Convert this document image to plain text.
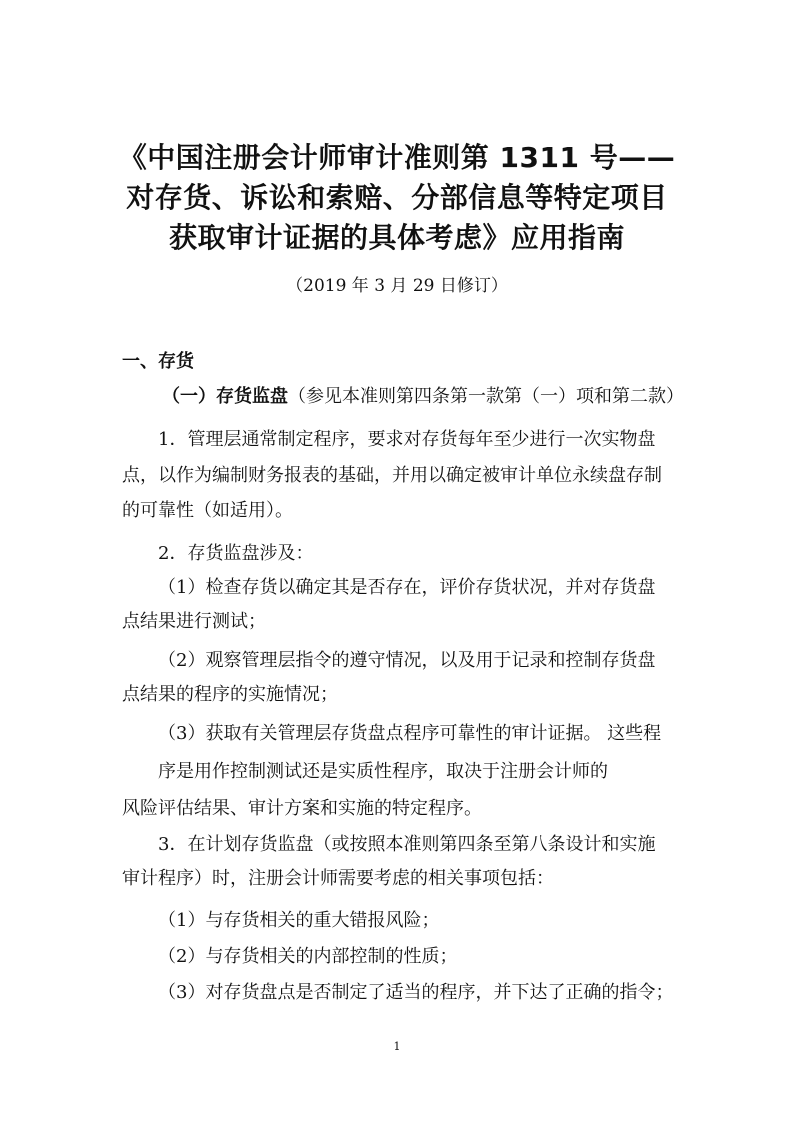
《中国注册会计师审计准则第 1311 号——
对存货、诉讼和索赔、分部信息等特定项目
获取审计证据的具体考虑》应用指南
（2019 年 3 月 29 日修订）
一、存货
（一）存货监盘（参见本准则第四条第一款第（一）项和第二款）
1．管理层通常制定程序，要求对存货每年至少进行一次实物盘
点，以作为编制财务报表的基础，并用以确定被审计单位永续盘存制
的可靠性（如适用）。
2．存货监盘涉及：
（1）检查存货以确定其是否存在，评价存货状况，并对存货盘
点结果进行测试；
（2）观察管理层指令的遵守情况，以及用于记录和控制存货盘
点结果的程序的实施情况；
（3）获取有关管理层存货盘点程序可靠性的审计证据。 这些程
序是用作控制测试还是实质性程序，取决于注册会计师的
风险评估结果、审计方案和实施的特定程序。
3．在计划存货监盘（或按照本准则第四条至第八条设计和实施
审计程序）时，注册会计师需要考虑的相关事项包括：
（1）与存货相关的重大错报风险；
（2）与存货相关的内部控制的性质；
（3）对存货盘点是否制定了适当的程序，并下达了正确的指令；
1
